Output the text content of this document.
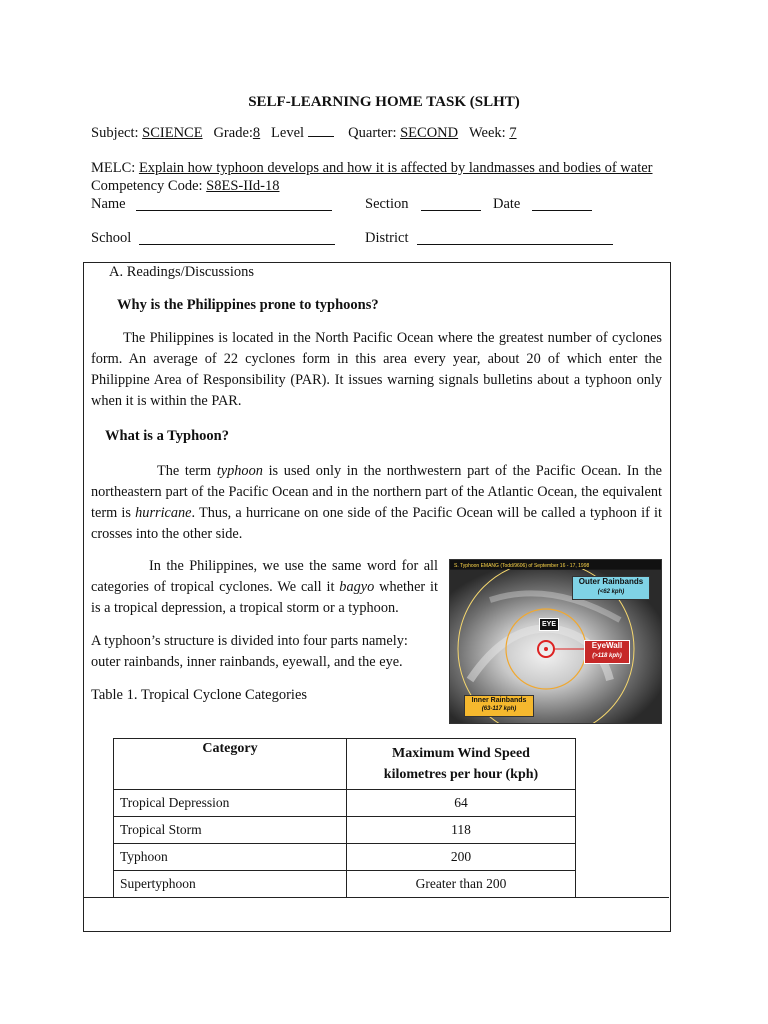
SELF-LEARNING HOME TASK (SLHT)
Subject: SCIENCE Grade:8 Level	Quarter: SECOND Week: 7
MELC: Explain how typhoon develops and how it is affected by landmasses and bodies of water
Competency Code: S8ES-IId-18
Name	Section	Date
School	District
A. Readings/Discussions
Why is the Philippines prone to typhoons?
The Philippines is located in the North Pacific Ocean where the greatest number of cyclones form. An average of 22 cyclones form in this area every year, about 20 of which enter the Philippine Area of Responsibility (PAR). It issues warning signals bulletins about a typhoon only when it is within the PAR.
What is a Typhoon?
The term typhoon is used only in the northwestern part of the Pacific Ocean. In the northeastern part of the Pacific Ocean and in the northern part of the Atlantic Ocean, the equivalent term is hurricane. Thus, a hurricane on one side of the Pacific Ocean will be called a typhoon if it crosses into the other side.
In the Philippines, we use the same word for all categories of tropical cyclones. We call it bagyo whether it is a tropical depression, a tropical storm or a typhoon.
A typhoon’s structure is divided into four parts namely: outer rainbands, inner rainbands, eyewall, and the eye.
Table 1. Tropical Cyclone Categories
S. Typhoon EMANG (Todd/9606) of September 16 - 17, 1998
Outer Rainbands
(<62 kph)
EYE
EyeWall
(>118 kph)
Inner Rainbands
(63-117 kph)
Category	Maximum Wind Speed
kilometres per hour (kph)

Tropical Depression	64
Tropical Storm	118
Typhoon	200
Supertyphoon	Greater than 200
